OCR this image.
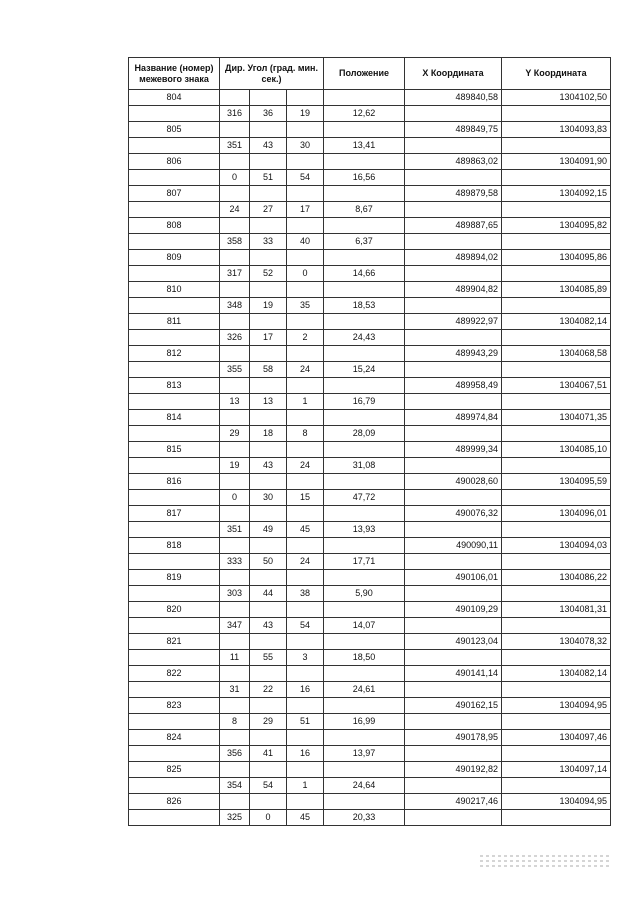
Название (номер) межевого знака	Дир. Угол (град. мин. сек.)			Положение	X Координата	Y Координата
804					489840,58	1304102,50
	316	36	19	12,62		
805					489849,75	1304093,83
	351	43	30	13,41		
806					489863,02	1304091,90
	0	51	54	16,56		
807					489879,58	1304092,15
	24	27	17	8,67		
808					489887,65	1304095,82
	358	33	40	6,37		
809					489894,02	1304095,86
	317	52	0	14,66		
810					489904,82	1304085,89
	348	19	35	18,53		
811					489922,97	1304082,14
	326	17	2	24,43		
812					489943,29	1304068,58
	355	58	24	15,24		
813					489958,49	1304067,51
	13	13	1	16,79		
814					489974,84	1304071,35
	29	18	8	28,09		
815					489999,34	1304085,10
	19	43	24	31,08		
816					490028,60	1304095,59
	0	30	15	47,72		
817					490076,32	1304096,01
	351	49	45	13,93		
818					490090,11	1304094,03
	333	50	24	17,71		
819					490106,01	1304086,22
	303	44	38	5,90		
820					490109,29	1304081,31
	347	43	54	14,07		
821					490123,04	1304078,32
	11	55	3	18,50		
822					490141,14	1304082,14
	31	22	16	24,61		
823					490162,15	1304094,95
	8	29	51	16,99		
824					490178,95	1304097,46
	356	41	16	13,97		
825					490192,82	1304097,14
	354	54	1	24,64		
826					490217,46	1304094,95
	325	0	45	20,33		
